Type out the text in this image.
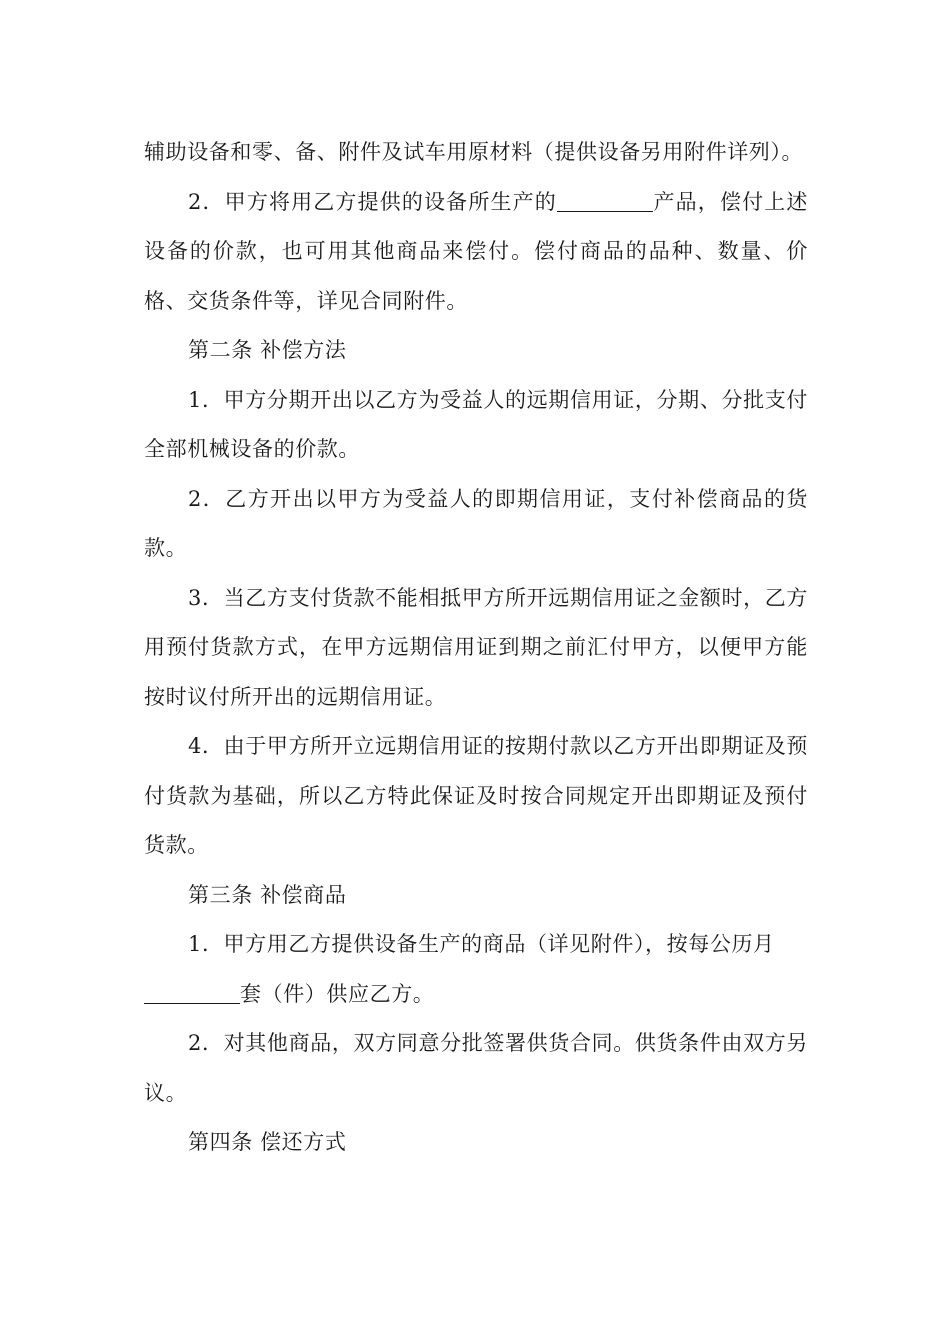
辅助设备和零、备、附件及试车用原材料（提供设备另用附件详列）。

2．甲方将用乙方提供的设备所生产的	产品，偿付上述设备的价款，也可用其他商品来偿付。偿付商品的品种、数量、价格、交货条件等，详见合同附件。

第二条 补偿方法

1．甲方分期开出以乙方为受益人的远期信用证，分期、分批支付全部机械设备的价款。

2．乙方开出以甲方为受益人的即期信用证，支付补偿商品的货款。

3．当乙方支付货款不能相抵甲方所开远期信用证之金额时，乙方用预付货款方式，在甲方远期信用证到期之前汇付甲方，以便甲方能按时议付所开出的远期信用证。

4．由于甲方所开立远期信用证的按期付款以乙方开出即期证及预付货款为基础，所以乙方特此保证及时按合同规定开出即期证及预付货款。

第三条 补偿商品

1．甲方用乙方提供设备生产的商品（详见附件），按每公历月

套（件）供应乙方。

2．对其他商品，双方同意分批签署供货合同。供货条件由双方另议。

第四条 偿还方式
